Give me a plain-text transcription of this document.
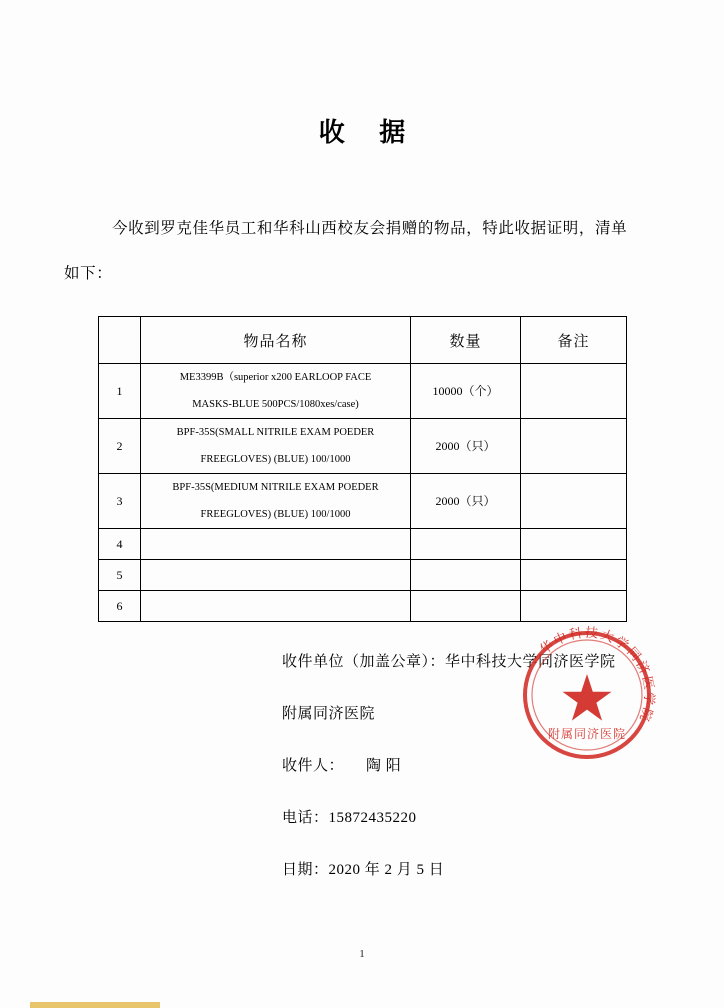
收 据
今收到罗克佳华员工和华科山西校友会捐赠的物品，特此收据证明，清单
如下：
	物品名称	数量	备注
1	ME3399B（superior x200 EARLOOP FACE
MASKS-BLUE 500PCS/1080xes/case)	10000（个）	
2	BPF-35S(SMALL NITRILE EXAM POEDER
FREEGLOVES) (BLUE) 100/1000	2000（只）	
3	BPF-35S(MEDIUM NITRILE EXAM POEDER
FREEGLOVES) (BLUE) 100/1000	2000（只）	
4			
5			
6			
收件单位（加盖公章）：华中科技大学同济医学院
附属同济医院
收件人： 陶 阳
电话：15872435220
日期：2020 年 2 月 5 日
华中科技大学同济医学院
附属同济医院
1
